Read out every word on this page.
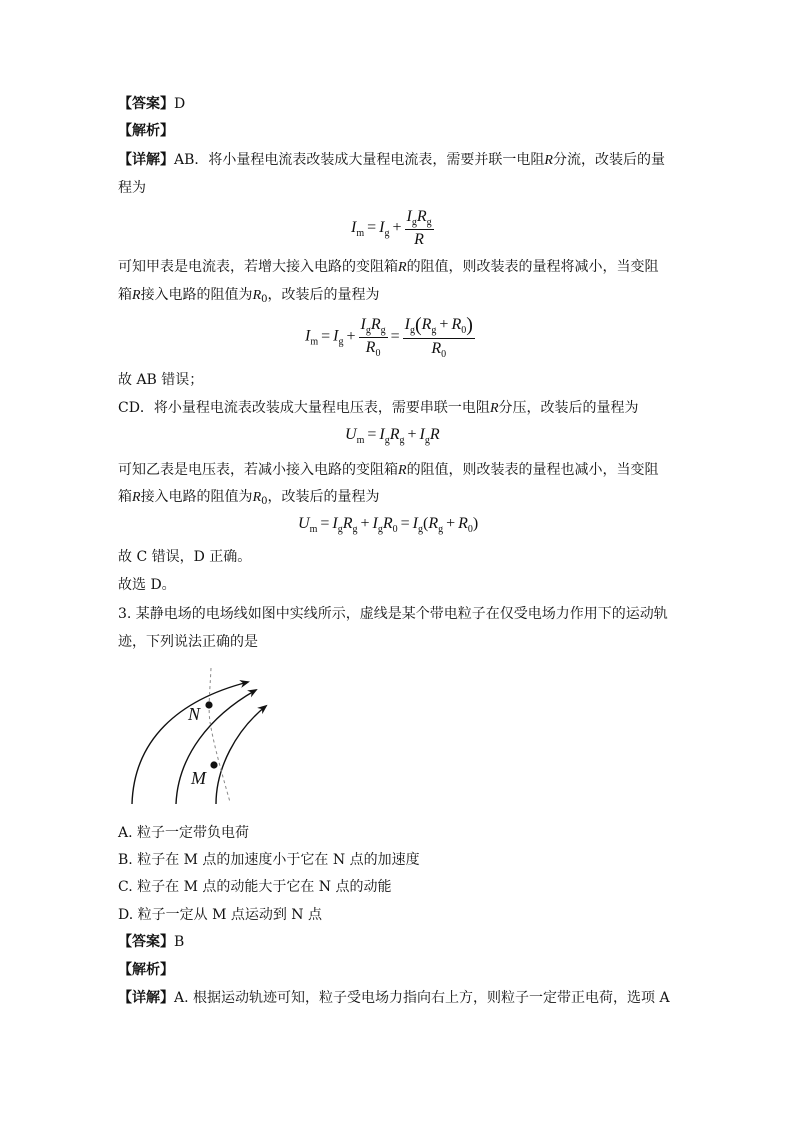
【答案】D
【解析】
【详解】AB．将小量程电流表改装成大量程电流表，需要并联一电阻R分流，改装后的量
程为
$I_m = I_g + \frac{I_gR_g}{R}$
可知甲表是电流表，若增大接入电路的变阻箱R的阻值，则改装表的量程将减小，当变阻
箱R接入电路的阻值为$R_0$，改装后的量程为
$I_m = I_g + \frac{I_gR_g}{R_0} = \frac{I_g(R_g + R_0)}{R_0}$
故 AB 错误；
CD．将小量程电流表改装成大量程电压表，需要串联一电阻R分压，改装后的量程为
$U_m = I_gR_g + I_gR$
可知乙表是电压表，若减小接入电路的变阻箱R的阻值，则改装表的量程也减小，当变阻
箱R接入电路的阻值为$R_0$，改装后的量程为
$U_m = I_gR_g + I_gR_0 = I_g(R_g + R_0)$
故 C 错误，D 正确。
故选 D。
3. 某静电场的电场线如图中实线所示，虚线是某个带电粒子在仅受电场力作用下的运动轨
迹，下列说法正确的是
N
M
A. 粒子一定带负电荷
B. 粒子在 M 点的加速度小于它在 N 点的加速度
C. 粒子在 M 点的动能大于它在 N 点的动能
D. 粒子一定从 M 点运动到 N 点
【答案】B
【解析】
【详解】A. 根据运动轨迹可知，粒子受电场力指向右上方，则粒子一定带正电荷，选项 A
